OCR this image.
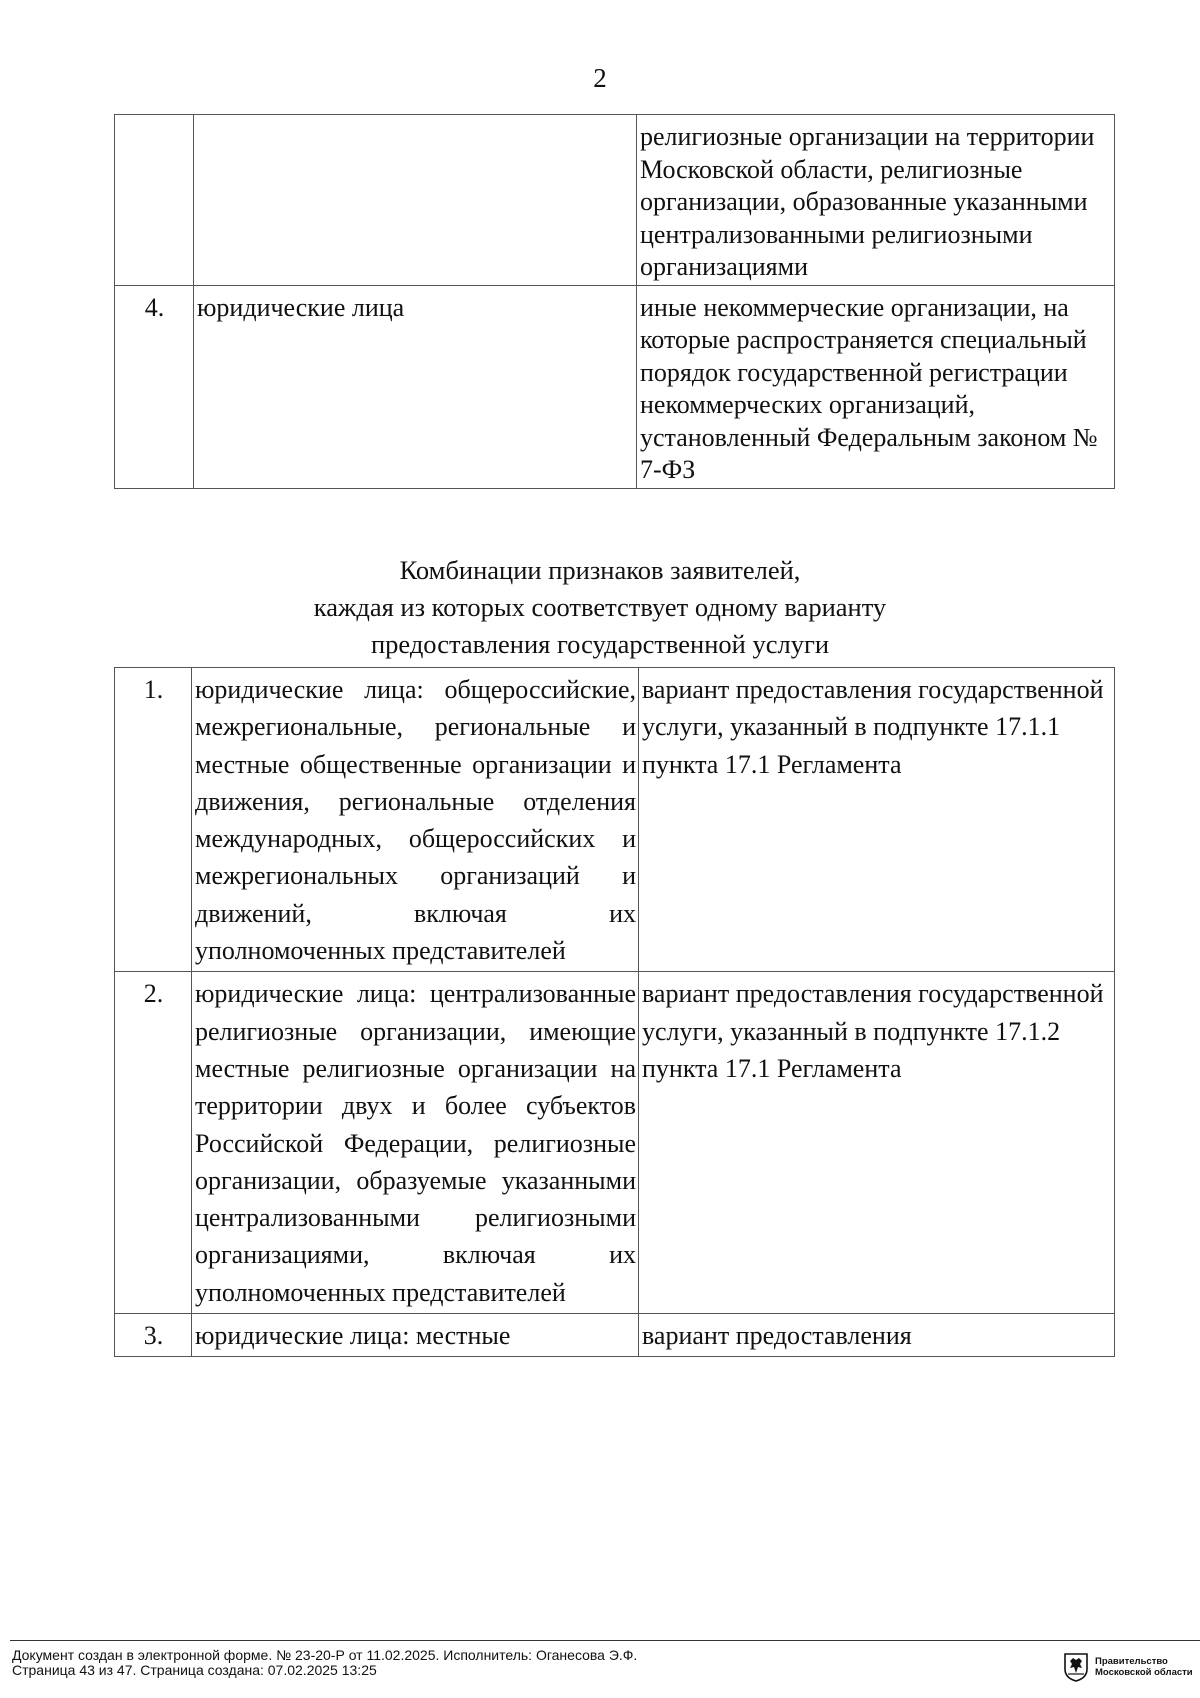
2
		религиозные организации на территории Московской области, религиозные организации, образованные указанными централизованными религиозными организациями
4.	юридические лица	иные некоммерческие организации, на которые распространяется специальный порядок государственной регистрации некоммерческих организаций, установленный Федеральным законом № 7-ФЗ
Комбинации признаков заявителей,
каждая из которых соответствует одному варианту
предоставления государственной услуги
1.	юридические лица: общероссийские, межрегиональные, региональные и местные общественные организации и движения, региональные отделения международных, общероссийских и межрегиональных организаций и движений, включая их уполномоченных представителей	вариант предоставления государственной услуги, указанный в подпункте 17.1.1 пункта 17.1 Регламента
2.	юридические лица: централизованные религиозные организации, имеющие местные религиозные организации на территории двух и более субъектов Российской Федерации, религиозные организации, образуемые указанными централизованными религиозными организациями, включая их уполномоченных представителей	вариант предоставления государственной услуги, указанный в подпункте 17.1.2 пункта 17.1 Регламента
3.	юридические лица: местные	вариант предоставления
Документ создан в электронной форме. № 23-20-Р от 11.02.2025. Исполнитель: Оганесова Э.Ф.
Страница 43 из 47. Страница создана: 07.02.2025 13:25
Правительство
Московской области
